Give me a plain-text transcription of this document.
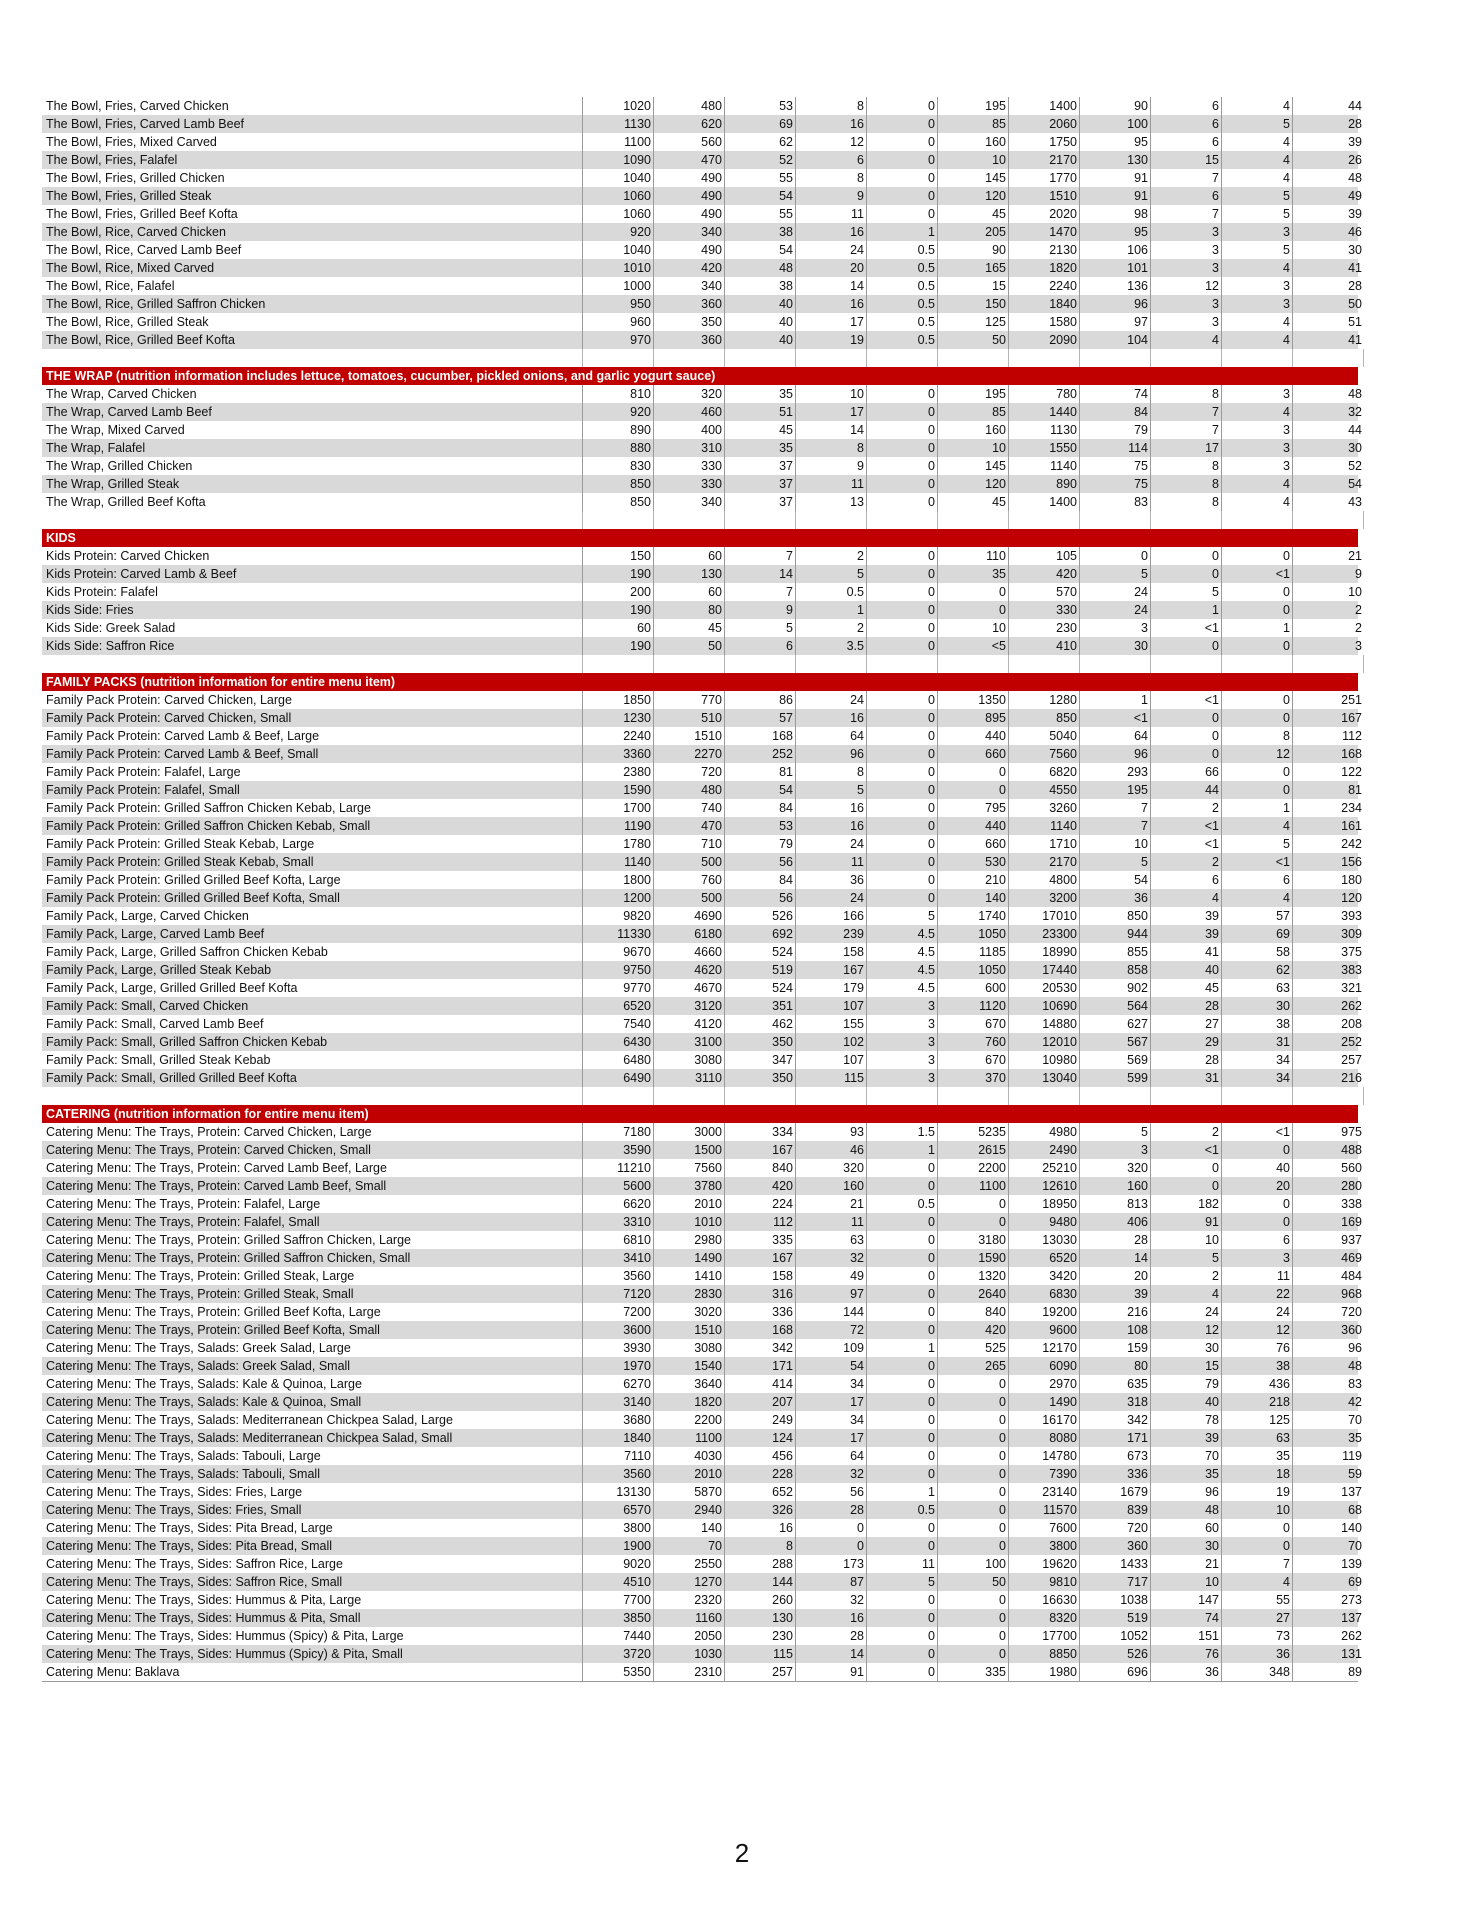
The Bowl, Fries, Carved Chicken	1020	480	53	8	0	195	1400	90	6	4	44
The Bowl, Fries, Carved Lamb Beef	1130	620	69	16	0	85	2060	100	6	5	28
The Bowl, Fries, Mixed Carved	1100	560	62	12	0	160	1750	95	6	4	39
The Bowl, Fries, Falafel	1090	470	52	6	0	10	2170	130	15	4	26
The Bowl, Fries, Grilled Chicken	1040	490	55	8	0	145	1770	91	7	4	48
The Bowl, Fries, Grilled Steak	1060	490	54	9	0	120	1510	91	6	5	49
The Bowl, Fries, Grilled Beef Kofta	1060	490	55	11	0	45	2020	98	7	5	39
The Bowl, Rice, Carved Chicken	920	340	38	16	1	205	1470	95	3	3	46
The Bowl, Rice, Carved Lamb Beef	1040	490	54	24	0.5	90	2130	106	3	5	30
The Bowl, Rice, Mixed Carved	1010	420	48	20	0.5	165	1820	101	3	4	41
The Bowl, Rice, Falafel	1000	340	38	14	0.5	15	2240	136	12	3	28
The Bowl, Rice, Grilled Saffron Chicken	950	360	40	16	0.5	150	1840	96	3	3	50
The Bowl, Rice, Grilled Steak	960	350	40	17	0.5	125	1580	97	3	4	51
The Bowl, Rice, Grilled Beef Kofta	970	360	40	19	0.5	50	2090	104	4	4	41
THE WRAP (nutrition information includes lettuce, tomatoes, cucumber, pickled onions, and garlic yogurt sauce)
The Wrap, Carved Chicken	810	320	35	10	0	195	780	74	8	3	48
The Wrap, Carved Lamb Beef	920	460	51	17	0	85	1440	84	7	4	32
The Wrap, Mixed Carved	890	400	45	14	0	160	1130	79	7	3	44
The Wrap, Falafel	880	310	35	8	0	10	1550	114	17	3	30
The Wrap, Grilled Chicken	830	330	37	9	0	145	1140	75	8	3	52
The Wrap, Grilled Steak	850	330	37	11	0	120	890	75	8	4	54
The Wrap, Grilled Beef Kofta	850	340	37	13	0	45	1400	83	8	4	43
KIDS
Kids Protein: Carved Chicken	150	60	7	2	0	110	105	0	0	0	21
Kids Protein: Carved Lamb & Beef	190	130	14	5	0	35	420	5	0	<1	9
Kids Protein: Falafel	200	60	7	0.5	0	0	570	24	5	0	10
Kids Side: Fries	190	80	9	1	0	0	330	24	1	0	2
Kids Side: Greek Salad	60	45	5	2	0	10	230	3	<1	1	2
Kids Side: Saffron Rice	190	50	6	3.5	0	<5	410	30	0	0	3
FAMILY PACKS (nutrition information for entire menu item)
Family Pack Protein: Carved Chicken, Large	1850	770	86	24	0	1350	1280	1	<1	0	251
Family Pack Protein: Carved Chicken, Small	1230	510	57	16	0	895	850	<1	0	0	167
Family Pack Protein: Carved Lamb & Beef, Large	2240	1510	168	64	0	440	5040	64	0	8	112
Family Pack Protein: Carved Lamb & Beef, Small	3360	2270	252	96	0	660	7560	96	0	12	168
Family Pack Protein: Falafel, Large	2380	720	81	8	0	0	6820	293	66	0	122
Family Pack Protein: Falafel, Small	1590	480	54	5	0	0	4550	195	44	0	81
Family Pack Protein: Grilled Saffron Chicken Kebab, Large	1700	740	84	16	0	795	3260	7	2	1	234
Family Pack Protein: Grilled Saffron Chicken Kebab, Small	1190	470	53	16	0	440	1140	7	<1	4	161
Family Pack Protein: Grilled Steak Kebab, Large	1780	710	79	24	0	660	1710	10	<1	5	242
Family Pack Protein: Grilled Steak Kebab, Small	1140	500	56	11	0	530	2170	5	2	<1	156
Family Pack Protein: Grilled Grilled Beef Kofta, Large	1800	760	84	36	0	210	4800	54	6	6	180
Family Pack Protein: Grilled Grilled Beef Kofta, Small	1200	500	56	24	0	140	3200	36	4	4	120
Family Pack, Large, Carved Chicken	9820	4690	526	166	5	1740	17010	850	39	57	393
Family Pack, Large, Carved Lamb Beef	11330	6180	692	239	4.5	1050	23300	944	39	69	309
Family Pack, Large, Grilled Saffron Chicken Kebab	9670	4660	524	158	4.5	1185	18990	855	41	58	375
Family Pack, Large, Grilled Steak Kebab	9750	4620	519	167	4.5	1050	17440	858	40	62	383
Family Pack, Large, Grilled Grilled Beef Kofta	9770	4670	524	179	4.5	600	20530	902	45	63	321
Family Pack: Small, Carved Chicken	6520	3120	351	107	3	1120	10690	564	28	30	262
Family Pack: Small, Carved Lamb Beef	7540	4120	462	155	3	670	14880	627	27	38	208
Family Pack: Small, Grilled Saffron Chicken Kebab	6430	3100	350	102	3	760	12010	567	29	31	252
Family Pack: Small, Grilled Steak Kebab	6480	3080	347	107	3	670	10980	569	28	34	257
Family Pack: Small, Grilled Grilled Beef Kofta	6490	3110	350	115	3	370	13040	599	31	34	216
CATERING (nutrition information for entire menu item)
Catering Menu: The Trays, Protein: Carved Chicken, Large	7180	3000	334	93	1.5	5235	4980	5	2	<1	975
Catering Menu: The Trays, Protein: Carved Chicken, Small	3590	1500	167	46	1	2615	2490	3	<1	0	488
Catering Menu: The Trays, Protein: Carved Lamb Beef, Large	11210	7560	840	320	0	2200	25210	320	0	40	560
Catering Menu: The Trays, Protein: Carved Lamb Beef, Small	5600	3780	420	160	0	1100	12610	160	0	20	280
Catering Menu: The Trays, Protein: Falafel, Large	6620	2010	224	21	0.5	0	18950	813	182	0	338
Catering Menu: The Trays, Protein: Falafel, Small	3310	1010	112	11	0	0	9480	406	91	0	169
Catering Menu: The Trays, Protein: Grilled Saffron Chicken, Large	6810	2980	335	63	0	3180	13030	28	10	6	937
Catering Menu: The Trays, Protein: Grilled Saffron Chicken, Small	3410	1490	167	32	0	1590	6520	14	5	3	469
Catering Menu: The Trays, Protein: Grilled Steak, Large	3560	1410	158	49	0	1320	3420	20	2	11	484
Catering Menu: The Trays, Protein: Grilled Steak, Small	7120	2830	316	97	0	2640	6830	39	4	22	968
Catering Menu: The Trays, Protein: Grilled Beef Kofta, Large	7200	3020	336	144	0	840	19200	216	24	24	720
Catering Menu: The Trays, Protein: Grilled Beef Kofta, Small	3600	1510	168	72	0	420	9600	108	12	12	360
Catering Menu: The Trays, Salads: Greek Salad, Large	3930	3080	342	109	1	525	12170	159	30	76	96
Catering Menu: The Trays, Salads: Greek Salad, Small	1970	1540	171	54	0	265	6090	80	15	38	48
Catering Menu: The Trays, Salads: Kale & Quinoa, Large	6270	3640	414	34	0	0	2970	635	79	436	83
Catering Menu: The Trays, Salads: Kale & Quinoa, Small	3140	1820	207	17	0	0	1490	318	40	218	42
Catering Menu: The Trays, Salads: Mediterranean Chickpea Salad, Large	3680	2200	249	34	0	0	16170	342	78	125	70
Catering Menu: The Trays, Salads: Mediterranean Chickpea Salad, Small	1840	1100	124	17	0	0	8080	171	39	63	35
Catering Menu: The Trays, Salads: Tabouli, Large	7110	4030	456	64	0	0	14780	673	70	35	119
Catering Menu: The Trays, Salads: Tabouli, Small	3560	2010	228	32	0	0	7390	336	35	18	59
Catering Menu: The Trays, Sides: Fries, Large	13130	5870	652	56	1	0	23140	1679	96	19	137
Catering Menu: The Trays, Sides: Fries, Small	6570	2940	326	28	0.5	0	11570	839	48	10	68
Catering Menu: The Trays, Sides: Pita Bread, Large	3800	140	16	0	0	0	7600	720	60	0	140
Catering Menu: The Trays, Sides: Pita Bread, Small	1900	70	8	0	0	0	3800	360	30	0	70
Catering Menu: The Trays, Sides: Saffron Rice, Large	9020	2550	288	173	11	100	19620	1433	21	7	139
Catering Menu: The Trays, Sides: Saffron Rice, Small	4510	1270	144	87	5	50	9810	717	10	4	69
Catering Menu: The Trays, Sides: Hummus & Pita, Large	7700	2320	260	32	0	0	16630	1038	147	55	273
Catering Menu: The Trays, Sides: Hummus & Pita, Small	3850	1160	130	16	0	0	8320	519	74	27	137
Catering Menu: The Trays, Sides: Hummus (Spicy) & Pita, Large	7440	2050	230	28	0	0	17700	1052	151	73	262
Catering Menu: The Trays, Sides: Hummus (Spicy) & Pita, Small	3720	1030	115	14	0	0	8850	526	76	36	131
Catering Menu: Baklava	5350	2310	257	91	0	335	1980	696	36	348	89
2
